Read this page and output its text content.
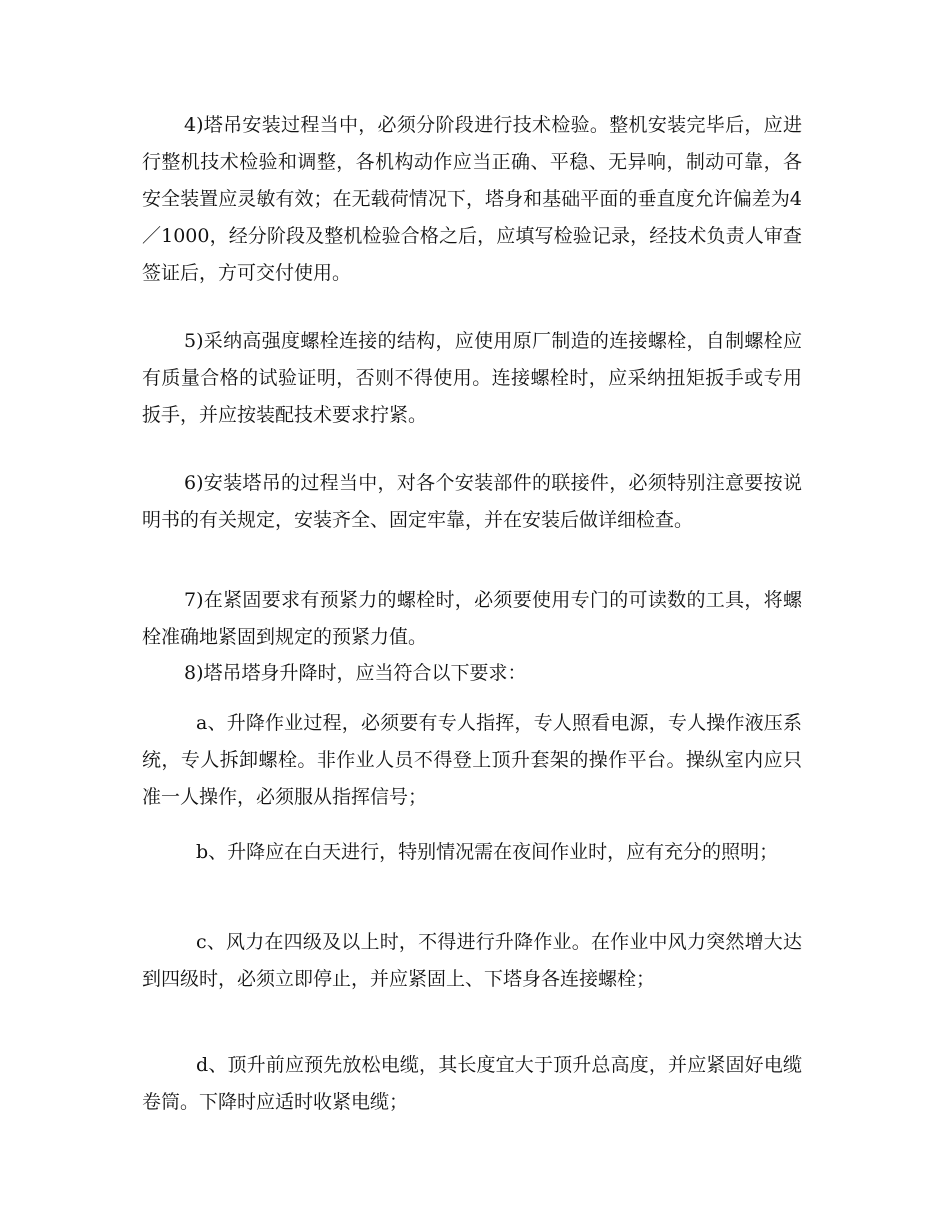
4)塔吊安装过程当中，必须分阶段进行技术检验。整机安装完毕后，应进行整机技术检验和调整，各机构动作应当正确、平稳、无异响，制动可靠，各安全装置应灵敏有效；在无载荷情况下，塔身和基础平面的垂直度允许偏差为4／1000，经分阶段及整机检验合格之后，应填写检验记录，经技术负责人审查签证后，方可交付使用。

5)采纳高强度螺栓连接的结构，应使用原厂制造的连接螺栓，自制螺栓应有质量合格的试验证明，否则不得使用。连接螺栓时，应采纳扭矩扳手或专用扳手，并应按装配技术要求拧紧。

6)安装塔吊的过程当中，对各个安装部件的联接件，必须特别注意要按说明书的有关规定，安装齐全、固定牢靠，并在安装后做详细检查。

7)在紧固要求有预紧力的螺栓时，必须要使用专门的可读数的工具，将螺栓准确地紧固到规定的预紧力值。

8)塔吊塔身升降时，应当符合以下要求：

a、升降作业过程，必须要有专人指挥，专人照看电源，专人操作液压系统，专人拆卸螺栓。非作业人员不得登上顶升套架的操作平台。操纵室内应只准一人操作，必须服从指挥信号；

b、升降应在白天进行，特别情况需在夜间作业时，应有充分的照明；

c、风力在四级及以上时，不得进行升降作业。在作业中风力突然增大达到四级时，必须立即停止，并应紧固上、下塔身各连接螺栓；

d、顶升前应预先放松电缆，其长度宜大于顶升总高度，并应紧固好电缆卷筒。下降时应适时收紧电缆；
